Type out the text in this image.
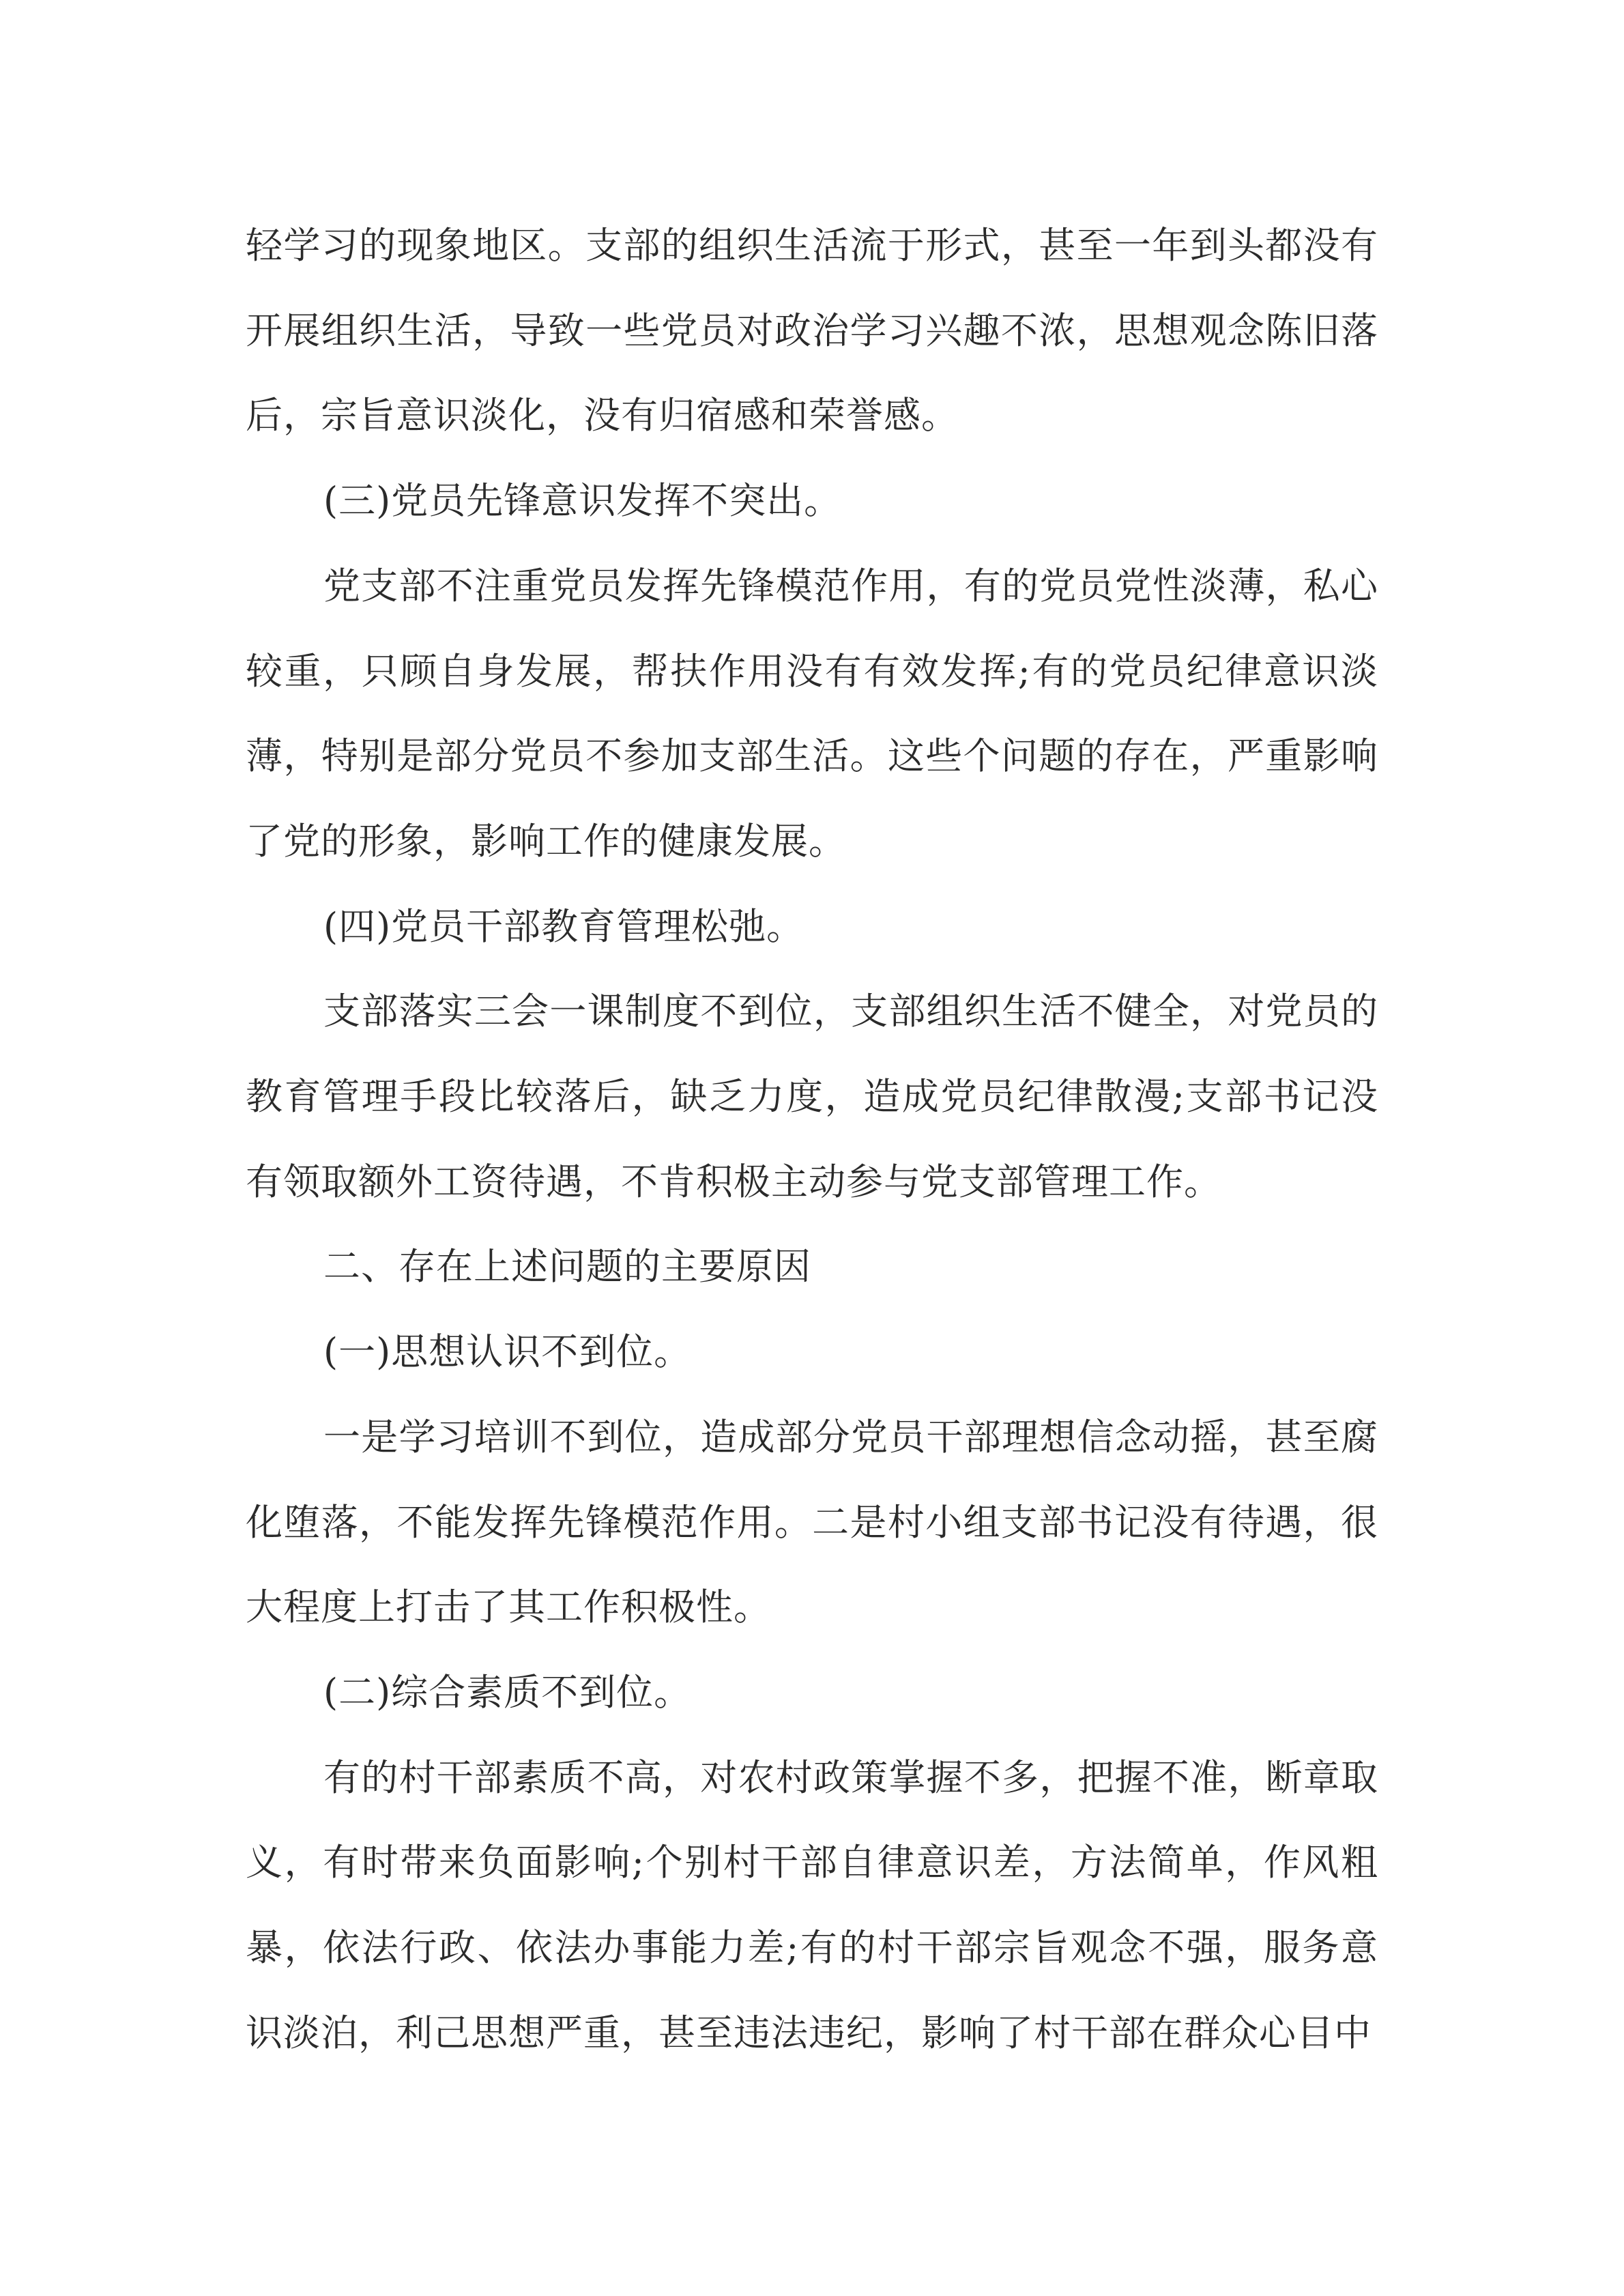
轻学习的现象地区。支部的组织生活流于形式，甚至一年到头都没有开展组织生活，导致一些党员对政治学习兴趣不浓，思想观念陈旧落后，宗旨意识淡化，没有归宿感和荣誉感。

(三)党员先锋意识发挥不突出。

党支部不注重党员发挥先锋模范作用，有的党员党性淡薄，私心较重，只顾自身发展，帮扶作用没有有效发挥;有的党员纪律意识淡薄，特别是部分党员不参加支部生活。这些个问题的存在，严重影响了党的形象，影响工作的健康发展。

(四)党员干部教育管理松弛。

支部落实三会一课制度不到位，支部组织生活不健全，对党员的教育管理手段比较落后，缺乏力度，造成党员纪律散漫;支部书记没有领取额外工资待遇，不肯积极主动参与党支部管理工作。

二、存在上述问题的主要原因

(一)思想认识不到位。

一是学习培训不到位，造成部分党员干部理想信念动摇，甚至腐化堕落，不能发挥先锋模范作用。二是村小组支部书记没有待遇，很大程度上打击了其工作积极性。

(二)综合素质不到位。

有的村干部素质不高，对农村政策掌握不多，把握不准，断章取义，有时带来负面影响;个别村干部自律意识差，方法简单，作风粗暴，依法行政、依法办事能力差;有的村干部宗旨观念不强，服务意识淡泊，利己思想严重，甚至违法违纪，影响了村干部在群众心目中
